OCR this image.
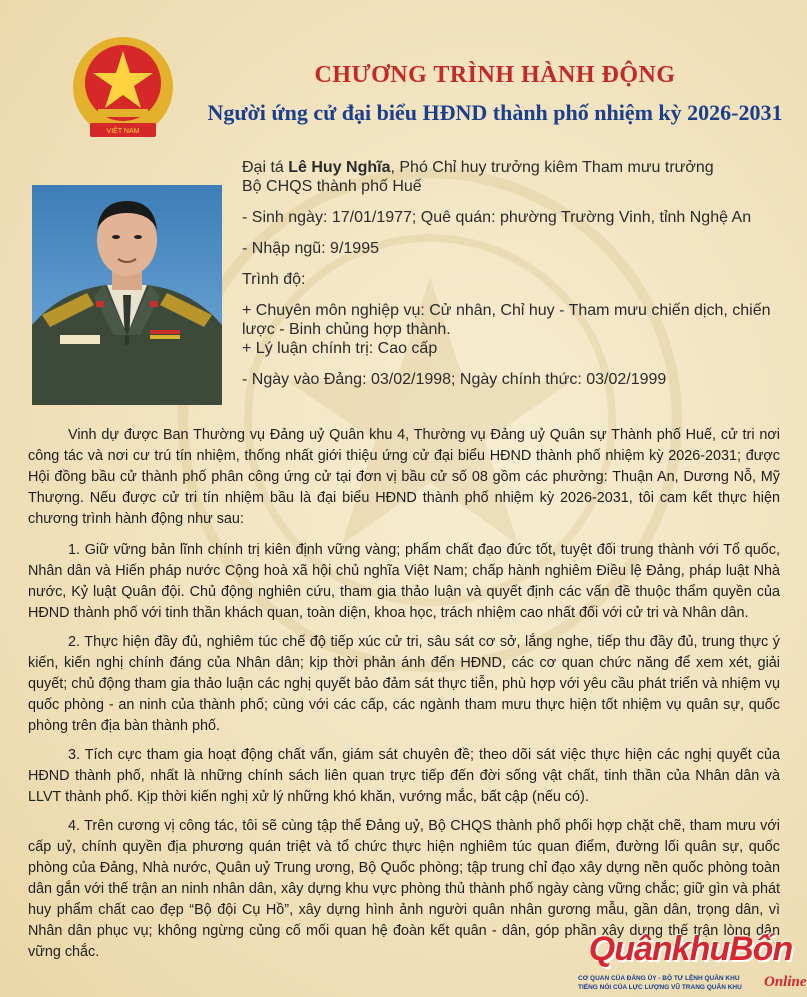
VIỆT NAM
CHƯƠNG TRÌNH HÀNH ĐỘNG
Người ứng cử đại biểu HĐND thành phố nhiệm kỳ 2026-2031

Đại tá Lê Huy Nghĩa, Phó Chỉ huy trưởng kiêm Tham mưu trưởng

Bộ CHQS thành phố Huế

- Sinh ngày: 17/01/1977; Quê quán: phường Trường Vinh, tỉnh Nghệ An

- Nhập ngũ: 9/1995

Trình độ:

+ Chuyên môn nghiệp vụ: Cử nhân, Chỉ huy - Tham mưu chiến dịch, chiến lược - Binh chủng hợp thành.

+ Lý luận chính trị: Cao cấp

- Ngày vào Đảng: 03/02/1998; Ngày chính thức: 03/02/1999

Vinh dự được Ban Thường vụ Đảng uỷ Quân khu 4, Thường vụ Đảng uỷ Quân sự Thành phố Huế, cử tri nơi công tác và nơi cư trú tín nhiệm, thống nhất giới thiệu ứng cử đại biểu HĐND thành phố nhiệm kỳ 2026-2031; được Hội đồng bầu cử thành phố phân công ứng cử tại đơn vị bầu cử số 08 gồm các phường: Thuận An, Dương Nỗ, Mỹ Thượng. Nếu được cử tri tín nhiệm bầu là đại biểu HĐND thành phố nhiệm kỳ 2026-2031, tôi cam kết thực hiện chương trình hành động như sau:

1. Giữ vững bản lĩnh chính trị kiên định vững vàng; phẩm chất đạo đức tốt, tuyệt đối trung thành với Tổ quốc, Nhân dân và Hiến pháp nước Cộng hoà xã hội chủ nghĩa Việt Nam; chấp hành nghiêm Điều lệ Đảng, pháp luật Nhà nước, Kỷ luật Quân đội. Chủ động nghiên cứu, tham gia thảo luận và quyết định các vấn đề thuộc thẩm quyền của HĐND thành phố với tinh thần khách quan, toàn diện, khoa học, trách nhiệm cao nhất đối với cử tri và Nhân dân.

2. Thực hiện đầy đủ, nghiêm túc chế độ tiếp xúc cử tri, sâu sát cơ sở, lắng nghe, tiếp thu đầy đủ, trung thực ý kiến, kiến nghị chính đáng của Nhân dân; kịp thời phản ánh đến HĐND, các cơ quan chức năng để xem xét, giải quyết; chủ động tham gia thảo luận các nghị quyết bảo đảm sát thực tiễn, phù hợp với yêu cầu phát triển và nhiệm vụ quốc phòng - an ninh của thành phố; cùng với các cấp, các ngành tham mưu thực hiện tốt nhiệm vụ quân sự, quốc phòng trên địa bàn thành phố.

3. Tích cực tham gia hoạt động chất vấn, giám sát chuyên đề; theo dõi sát việc thực hiện các nghị quyết của HĐND thành phố, nhất là những chính sách liên quan trực tiếp đến đời sống vật chất, tinh thần của Nhân dân và LLVT thành phố. Kịp thời kiến nghị xử lý những khó khăn, vướng mắc, bất cập (nếu có).

4. Trên cương vị công tác, tôi sẽ cùng tập thể Đảng uỷ, Bộ CHQS thành phố phối hợp chặt chẽ, tham mưu với cấp uỷ, chính quyền địa phương quán triệt và tổ chức thực hiện nghiêm túc quan điểm, đường lối quân sự, quốc phòng của Đảng, Nhà nước, Quân uỷ Trung ương, Bộ Quốc phòng; tập trung chỉ đạo xây dựng nền quốc phòng toàn dân gắn với thế trận an ninh nhân dân, xây dựng khu vực phòng thủ thành phố ngày càng vững chắc; giữ gìn và phát huy phẩm chất cao đẹp “Bộ đội Cụ Hồ”, xây dựng hình ảnh người quân nhân gương mẫu, gần dân, trọng dân, vì Nhân dân phục vụ; không ngừng củng cố mối quan hệ đoàn kết quân - dân, góp phần xây dựng thế trận lòng dân vững chắc.	QuânkhuBốn
CƠ QUAN CỦA ĐẢNG ỦY - BỘ TƯ LỆNH QUÂN KHU
TIẾNG NÓI CỦA LỰC LƯỢNG VŨ TRANG QUÂN KHU	Online
